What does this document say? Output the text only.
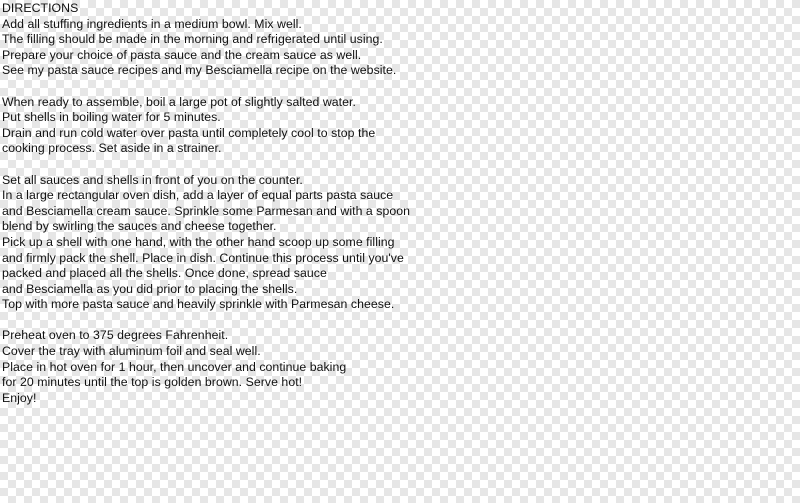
DIRECTIONS
Add all stuffing ingredients in a medium bowl. Mix well.
The filling should be made in the morning and refrigerated until using.
Prepare your choice of pasta sauce and the cream sauce as well.
See my pasta sauce recipes and my Besciamella recipe on the website.
When ready to assemble, boil a large pot of slightly salted water.
Put shells in boiling water for 5 minutes.
Drain and run cold water over pasta until completely cool to stop the
cooking process. Set aside in a strainer.
Set all sauces and shells in front of you on the counter.
In a large rectangular oven dish, add a layer of equal parts pasta sauce
and Besciamella cream sauce. Sprinkle some Parmesan and with a spoon
blend by swirling the sauces and cheese together.
Pick up a shell with one hand, with the other hand scoop up some filling
and firmly pack the shell. Place in dish. Continue this process until you've
packed and placed all the shells. Once done, spread sauce
and Besciamella as you did prior to placing the shells.
Top with more pasta sauce and heavily sprinkle with Parmesan cheese.
Preheat oven to 375 degrees Fahrenheit.
Cover the tray with aluminum foil and seal well.
Place in hot oven for 1 hour, then uncover and continue baking
for 20 minutes until the top is golden brown. Serve hot!
Enjoy!
